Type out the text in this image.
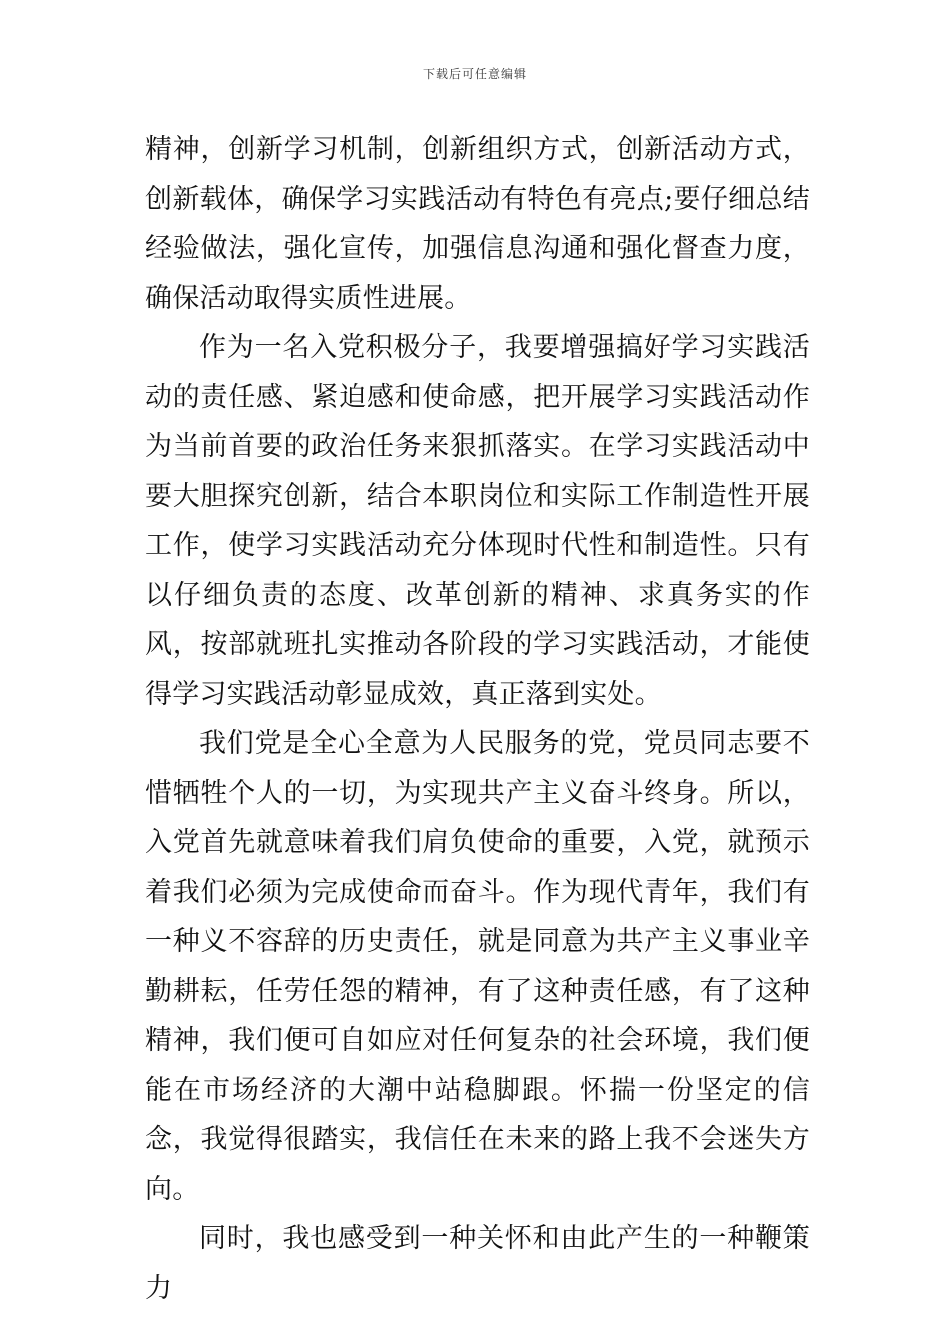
下载后可任意编辑

精神，创新学习机制，创新组织方式，创新活动方式，创新载体，确保学习实践活动有特色有亮点;要仔细总结经验做法，强化宣传，加强信息沟通和强化督查力度，确保活动取得实质性进展。

作为一名入党积极分子，我要增强搞好学习实践活动的责任感、紧迫感和使命感，把开展学习实践活动作为当前首要的政治任务来狠抓落实。在学习实践活动中要大胆探究创新，结合本职岗位和实际工作制造性开展工作，使学习实践活动充分体现时代性和制造性。只有以仔细负责的态度、改革创新的精神、求真务实的作风，按部就班扎实推动各阶段的学习实践活动，才能使得学习实践活动彰显成效，真正落到实处。

我们党是全心全意为人民服务的党，党员同志要不惜牺牲个人的一切，为实现共产主义奋斗终身。所以，入党首先就意味着我们肩负使命的重要，入党，就预示着我们必须为完成使命而奋斗。作为现代青年，我们有一种义不容辞的历史责任，就是同意为共产主义事业辛勤耕耘，任劳任怨的精神，有了这种责任感，有了这种精神，我们便可自如应对任何复杂的社会环境，我们便能在市场经济的大潮中站稳脚跟。怀揣一份坚定的信念，我觉得很踏实，我信任在未来的路上我不会迷失方向。

同时，我也感受到一种关怀和由此产生的一种鞭策力
